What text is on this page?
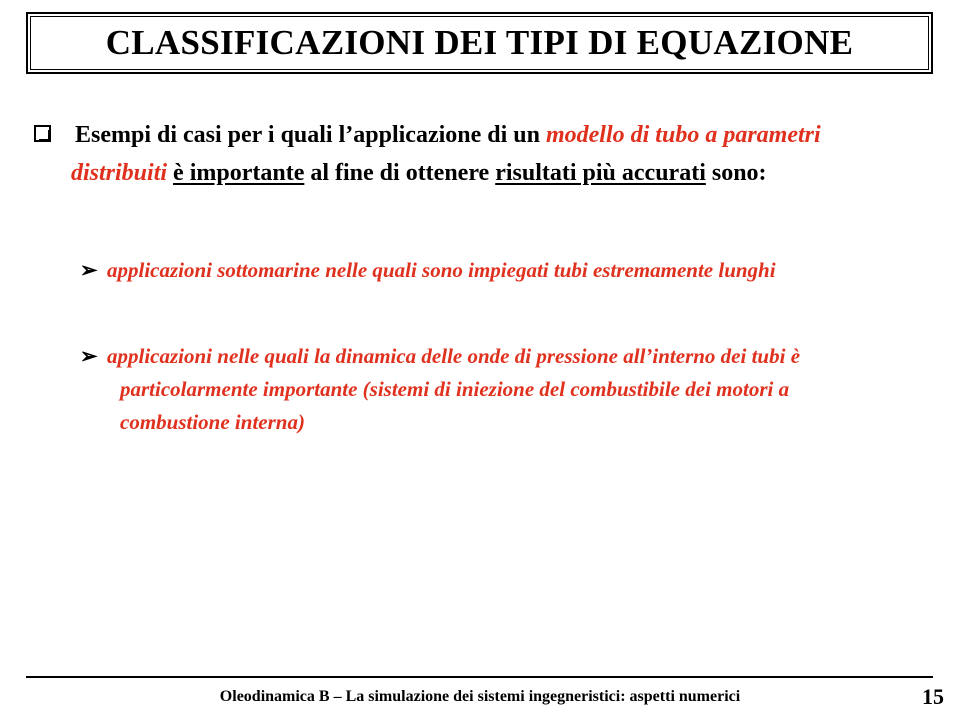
CLASSIFICAZIONI DEI TIPI DI EQUAZIONE
Esempi di casi per i quali l’applicazione di un modello di tubo a parametri distribuiti è importante al fine di ottenere risultati più accurati sono:
➢ applicazioni sottomarine nelle quali sono impiegati tubi estremamente lunghi
➢ applicazioni nelle quali la dinamica delle onde di pressione all’interno dei tubi è particolarmente importante (sistemi di iniezione del combustibile dei motori a combustione interna)
Oleodinamica B – La simulazione dei sistemi ingegneristici: aspetti numerici	15
